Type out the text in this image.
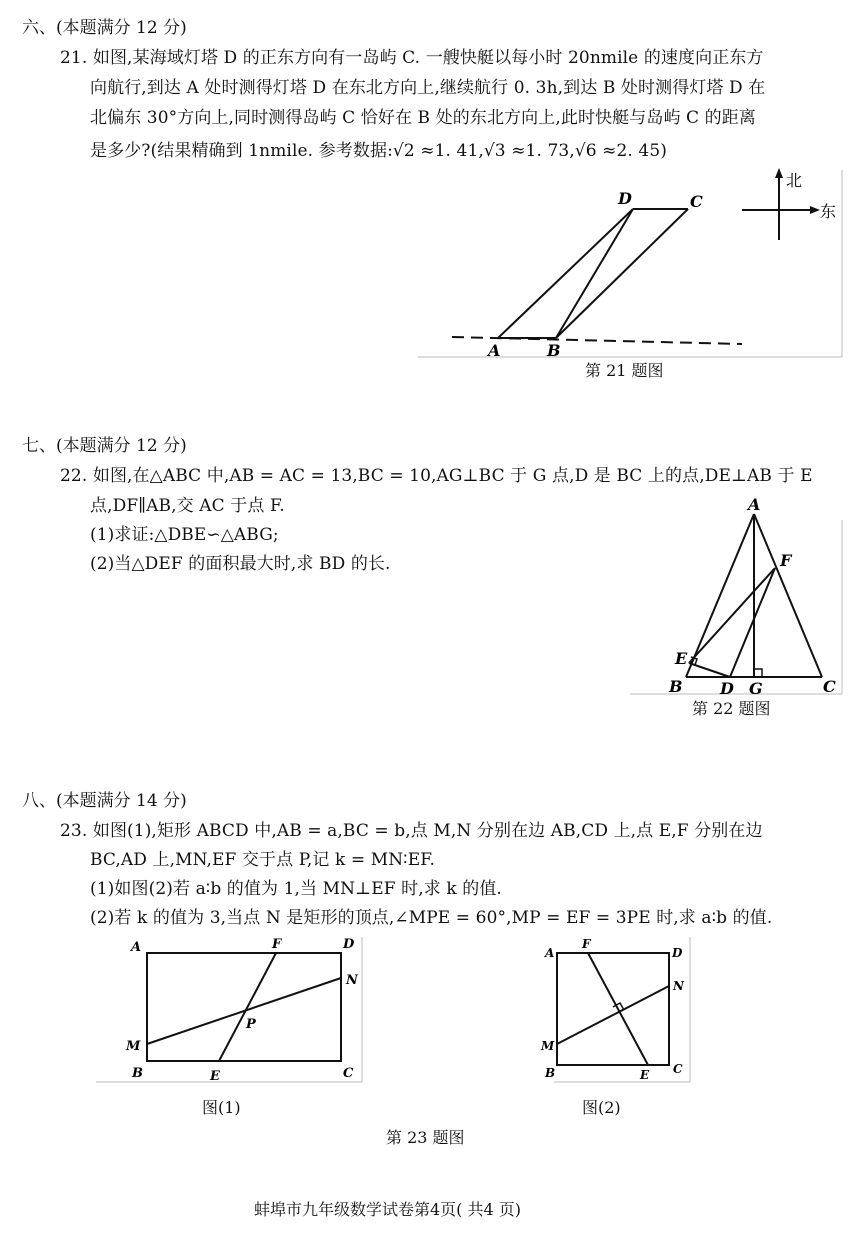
六、(本题满分 12 分)
21. 如图,某海域灯塔 D 的正东方向有一岛屿 C. 一艘快艇以每小时 20nmile 的速度向正东方
向航行,到达 A 处时测得灯塔 D 在东北方向上,继续航行 0. 3h,到达 B 处时测得灯塔 D 在
北偏东 30°方向上,同时测得岛屿 C 恰好在 B 处的东北方向上,此时快艇与岛屿 C 的距离
是多少?(结果精确到 1nmile. 参考数据:√2 ≈1. 41,√3 ≈1. 73,√6 ≈2. 45)
D	C
A	B
北
东
第 21 题图
七、(本题满分 12 分)
22. 如图,在△ABC 中,AB = AC = 13,BC = 10,AG⊥BC 于 G 点,D 是 BC 上的点,DE⊥AB 于 E
点,DF∥AB,交 AC 于点 F.
(1)求证:△DBE∽△ABG;
(2)当△DEF 的面积最大时,求 BD 的长.
A
F
E
B D G	C
第 22 题图
八、(本题满分 14 分)
23. 如图(1),矩形 ABCD 中,AB = a,BC = b,点 M,N 分别在边 AB,CD 上,点 E,F 分别在边
BC,AD 上,MN,EF 交于点 P,记 k = MN∶EF.
(1)如图(2)若 a∶b 的值为 1,当 MN⊥EF 时,求 k 的值.
(2)若 k 的值为 3,当点 N 是矩形的顶点,∠MPE = 60°,MP = EF = 3PE 时,求 a∶b 的值.
A	F	D
N
P
M
B	E	C
A
F
D
N
M
B	E C
图(1)	图(2)
第 23 题图
蚌埠市九年级数学试卷第4页( 共4 页)
